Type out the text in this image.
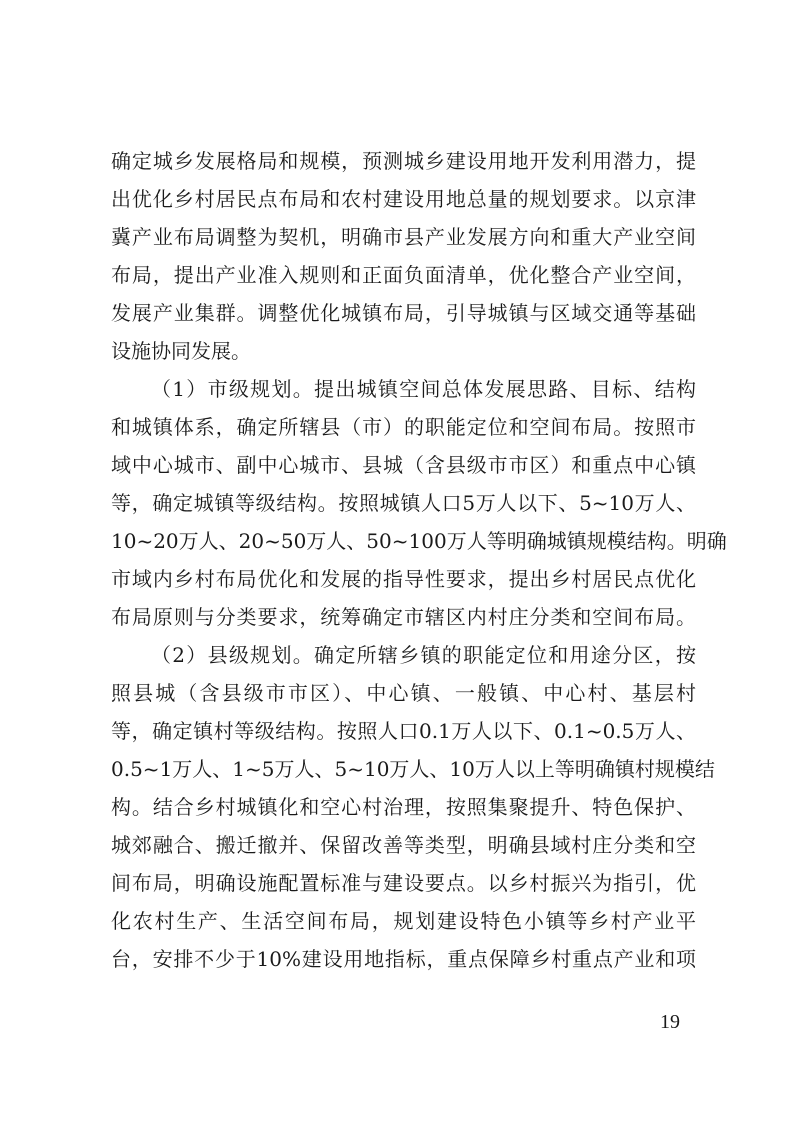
确定城乡发展格局和规模，预测城乡建设用地开发利用潜力，提
出优化乡村居民点布局和农村建设用地总量的规划要求。以京津
冀产业布局调整为契机，明确市县产业发展方向和重大产业空间
布局，提出产业准入规则和正面负面清单，优化整合产业空间，
发展产业集群。调整优化城镇布局，引导城镇与区域交通等基础
设施协同发展。
（1）市级规划。提出城镇空间总体发展思路、目标、结构
和城镇体系，确定所辖县（市）的职能定位和空间布局。按照市
域中心城市、副中心城市、县城（含县级市市区）和重点中心镇
等，确定城镇等级结构。按照城镇人口5万人以下、5~10万人、
10~20万人、20~50万人、50~100万人等明确城镇规模结构。明确
市域内乡村布局优化和发展的指导性要求，提出乡村居民点优化
布局原则与分类要求，统筹确定市辖区内村庄分类和空间布局。
（2）县级规划。确定所辖乡镇的职能定位和用途分区，按
照县城（含县级市市区）、中心镇、一般镇、中心村、基层村
等，确定镇村等级结构。按照人口0.1万人以下、0.1~0.5万人、
0.5~1万人、1~5万人、5~10万人、10万人以上等明确镇村规模结
构。结合乡村城镇化和空心村治理，按照集聚提升、特色保护、
城郊融合、搬迁撤并、保留改善等类型，明确县域村庄分类和空
间布局，明确设施配置标准与建设要点。以乡村振兴为指引，优
化农村生产、生活空间布局，规划建设特色小镇等乡村产业平
台，安排不少于10%建设用地指标，重点保障乡村重点产业和项
19
